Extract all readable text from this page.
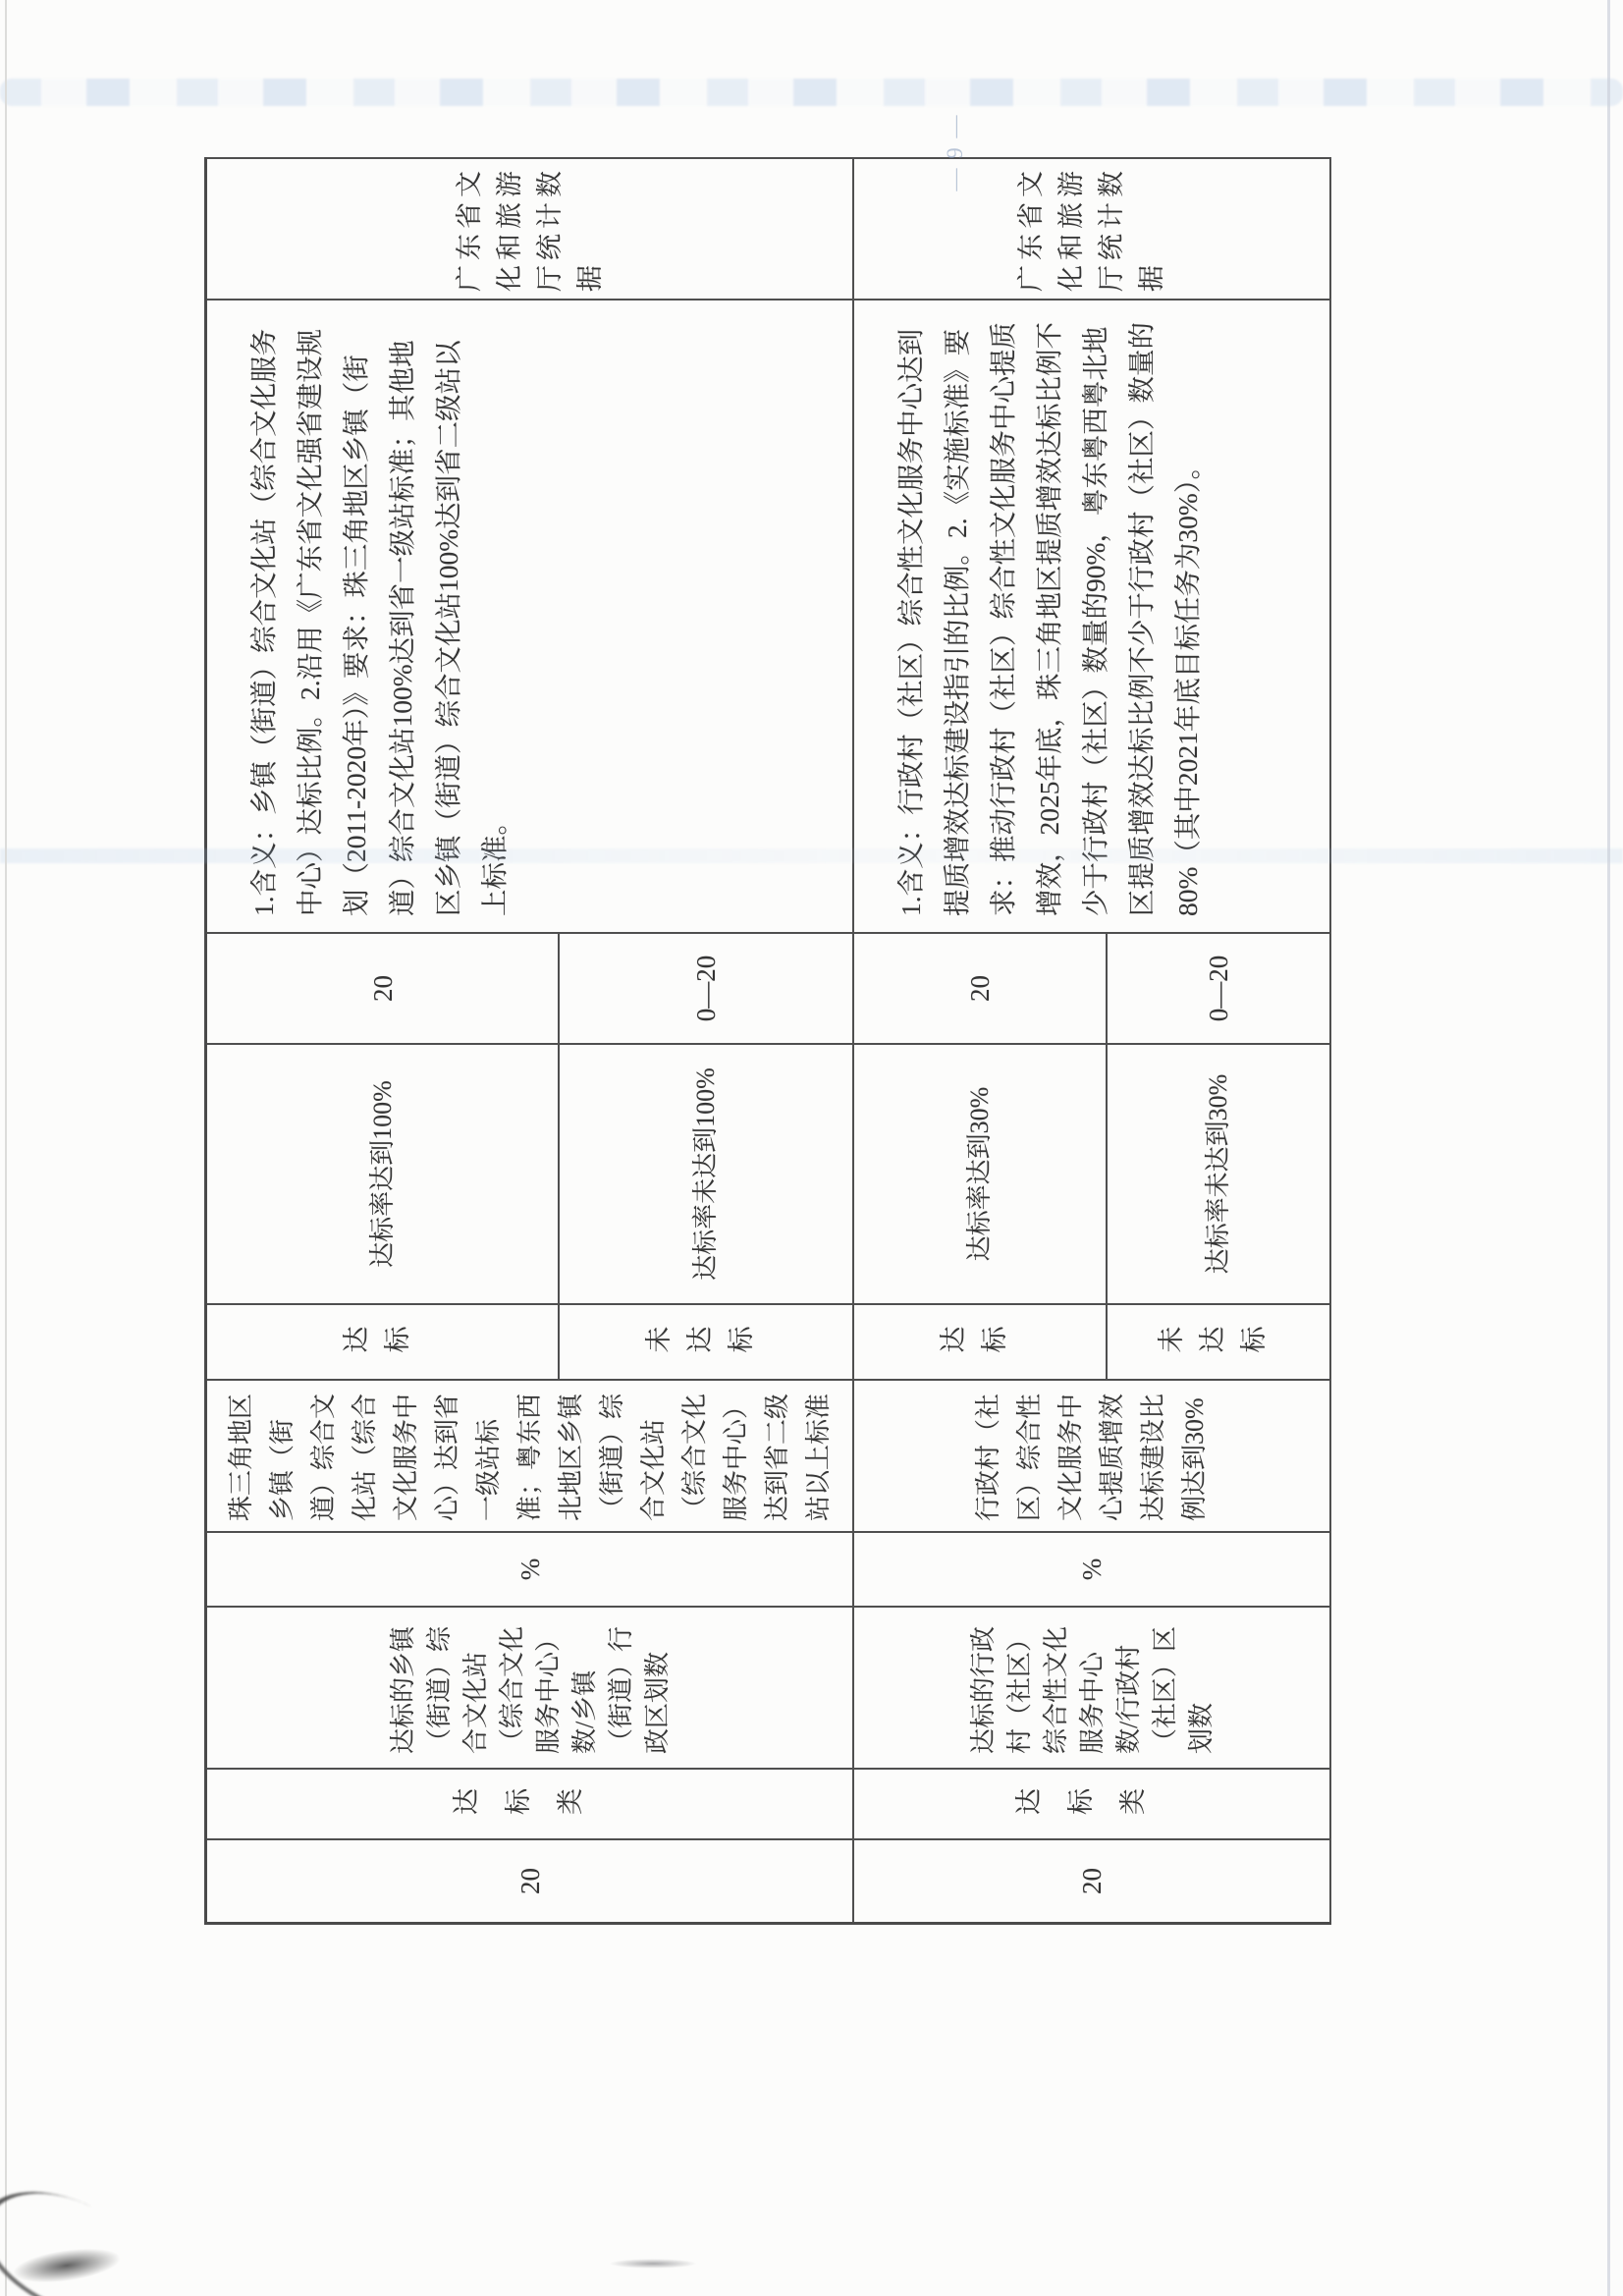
20	20
达标类	达标类
达标的乡镇（街道）综合文化站（综合文化服务中心）数/乡镇（街道）行政区划数	达标的行政村（社区）综合性文化服务中心数/行政村（社区）区划数
%	%
珠三角地区乡镇（街道）综合文化站（综合文化服务中心）达到省一级站标准；粤东西北地区乡镇（街道）综合文化站（综合文化服务中心）达到省二级站以上标准	行政村（社区）综合性文化服务中心提质增效达标建设比例达到30%
达标	未达标	达标	未达标
达标率达到100%	达标率未达到100%	达标率达到30%	达标率未达到30%
20	0—20	20	0—20
1.含义：乡镇（街道）综合文化站（综合文化服务中心）达标比例。2.沿用《广东省文化强省建设规划（2011-2020年）》要求：珠三角地区乡镇（街道）综合文化站100%达到省一级站标准；其他地区乡镇（街道）综合文化站100%达到省二级站以上标准。	1.含义：行政村（社区）综合性文化服务中心达到提质增效达标建设指引的比例。2.《实施标准》要求：推动行政村（社区）综合性文化服务中心提质增效，2025年底，珠三角地区提质增效达标比例不少于行政村（社区）数量的90%，粤东粤西粤北地区提质增效达标比例不少于行政村（社区）数量的80%（其中2021年底目标任务为30%）。
广东省文化和旅游厅统计数据	广东省文化和旅游厅统计数据
— 9 —
